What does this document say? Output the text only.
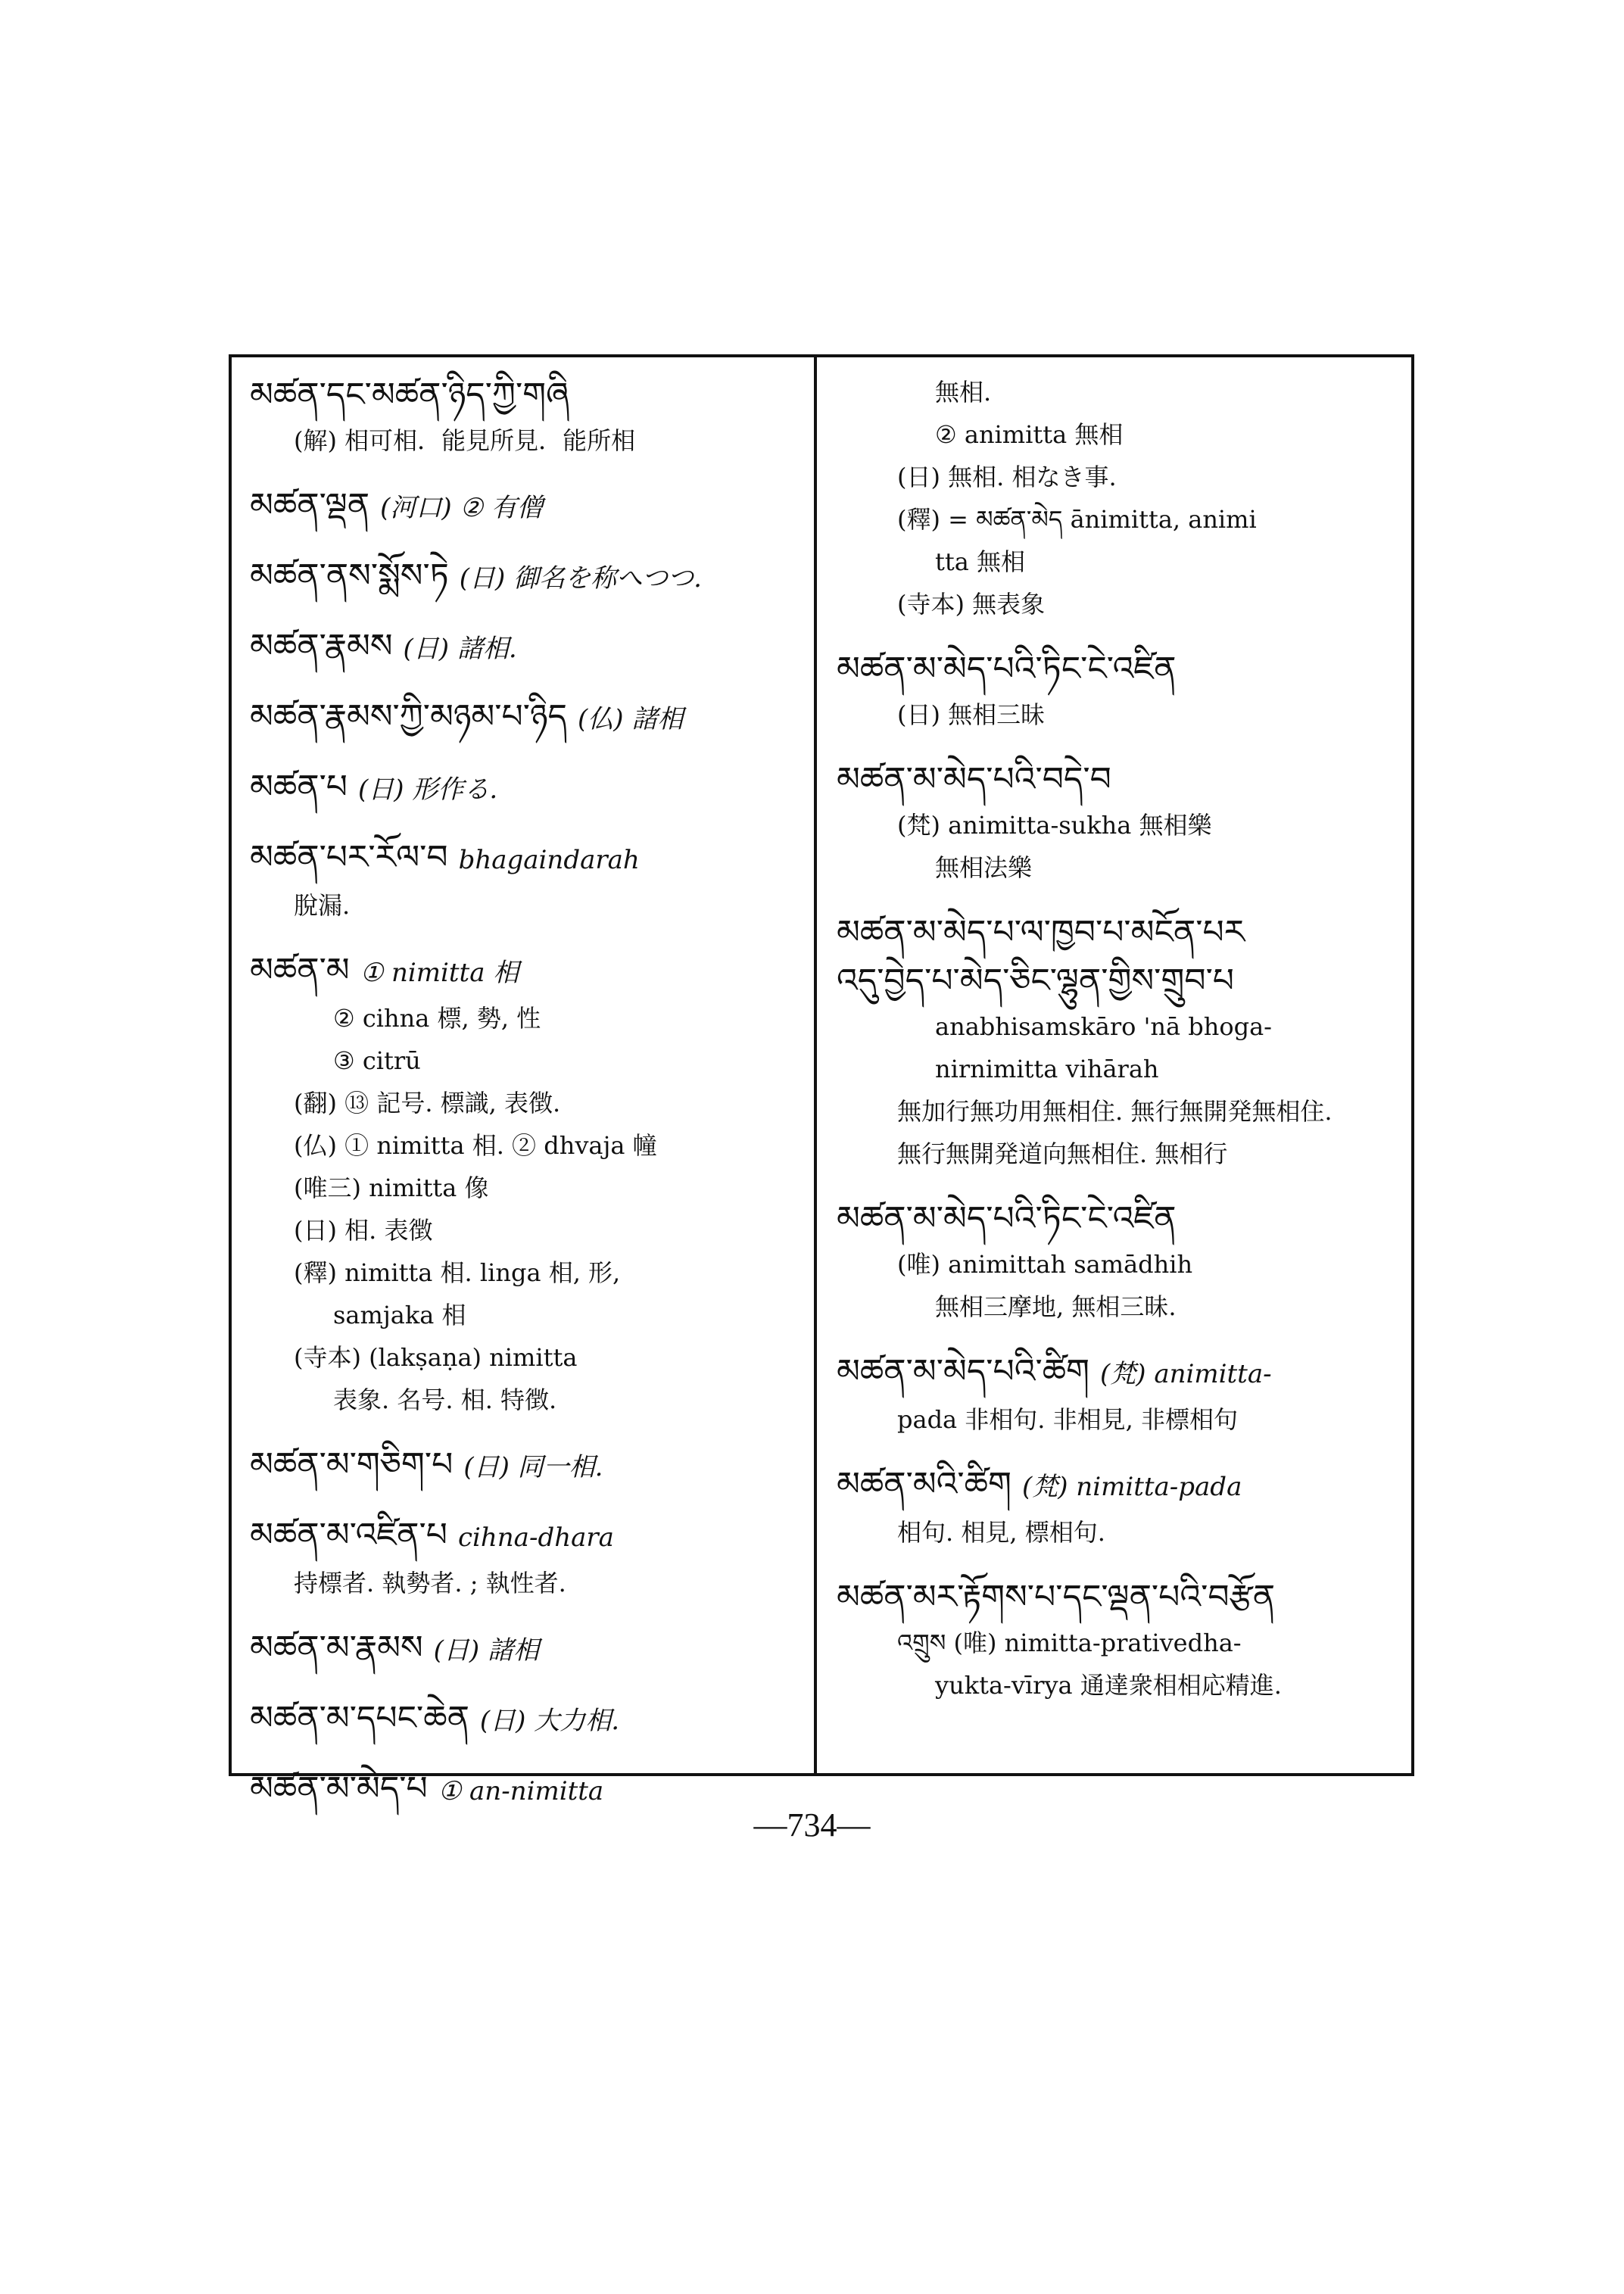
མཚན་དང་མཚན་ཉིད་ཀྱི་གཞི
(解) 相可相．能見所見．能所相
མཚན་ལྡན (河口) ② 有僧
མཚན་ནས་སྨོས་ཏེ (日) 御名を称へつつ.
མཚན་རྣམས (日) 諸相.
མཚན་རྣམས་ཀྱི་མཉམ་པ་ཉིད (仏) 諸相
མཚན་པ (日) 形作る.
མཚན་པར་རོལ་བ bhagaindarah
脫漏.
མཚན་མ ① nimitta 相
② cihna 標, 勢, 性
③ citrū
(翻) ⑬ 記号. 標識, 表徴.
(仏) ① nimitta 相. ② dhvaja 幢
(唯三) nimitta 像
(日) 相. 表徴
(釋) nimitta 相. linga 相, 形,
samjaka 相
(寺本) (lakṣaṇa) nimitta
表象. 名号. 相. 特徴.
མཚན་མ་གཅིག་པ (日) 同一相.
མཚན་མ་འཛིན་པ cihna-dhara
持標者. 執勢者. ; 執性者.
མཚན་མ་རྣམས (日) 諸相
མཚན་མ་དཔང་ཆེན (日) 大力相.
མཚན་མ་མེད་པ ① an-nimitta
無相.
② animitta 無相
(日) 無相. 相なき事.
(釋) = མཚན་མེད ānimitta, animi
tta 無相
(寺本) 無表象
མཚན་མ་མེད་པའི་ཏིང་ངེ་འཛིན
(日) 無相三昧
མཚན་མ་མེད་པའི་བདེ་བ
(梵) animitta-sukha 無相樂
無相法樂
མཚན་མ་མེད་པ་ལ་ཁྱབ་པ་མངོན་པར
འདུ་བྱེད་པ་མེད་ཅིང་ལྷུན་གྱིས་གྲུབ་པ
anabhisamskāro 'nā bhoga-
nirnimitta vihārah
無加行無功用無相住. 無行無開発無相住.
無行無開発道向無相住. 無相行
མཚན་མ་མེད་པའི་ཏིང་ངེ་འཛིན
(唯) animittah samādhih
無相三摩地, 無相三昧.
མཚན་མ་མེད་པའི་ཚིག (梵) animitta-
pada 非相句. 非相見, 非標相句
མཚན་མའི་ཚིག (梵) nimitta-pada
相句. 相見, 標相句.
མཚན་མར་རྟོགས་པ་དང་ལྡན་པའི་བརྩོན
འགྲུས (唯) nimitta-prativedha-
yukta-vīrya 通達衆相相応精進.
—734—
